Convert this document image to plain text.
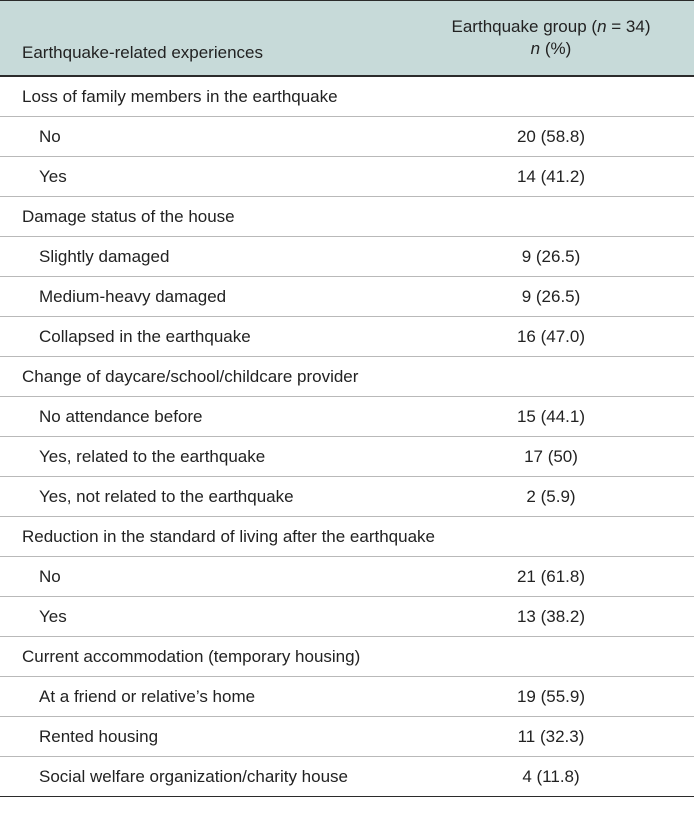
Earthquake-related experiences
Earthquake group (n = 34)
n (%)
Loss of family members in the earthquake
No	20 (58.8)
Yes	14 (41.2)
Damage status of the house
Slightly damaged	9 (26.5)
Medium-heavy damaged	9 (26.5)
Collapsed in the earthquake	16 (47.0)
Change of daycare/school/childcare provider
No attendance before	15 (44.1)
Yes, related to the earthquake	17 (50)
Yes, not related to the earthquake	2 (5.9)
Reduction in the standard of living after the earthquake
No	21 (61.8)
Yes	13 (38.2)
Current accommodation (temporary housing)
At a friend or relative’s home	19 (55.9)
Rented housing	11 (32.3)
Social welfare organization/charity house	4 (11.8)
